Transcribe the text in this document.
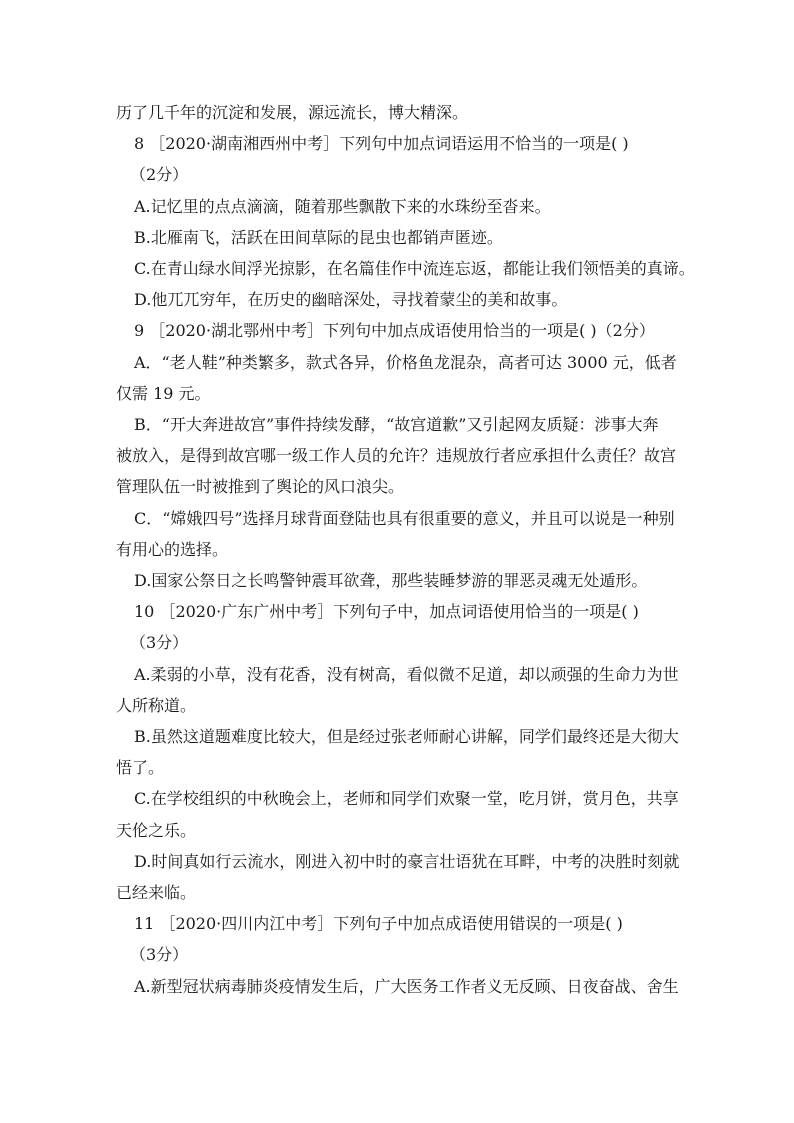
历了几千年的沉淀和发展，源远流长，博大精深。
8 ［2020·湖南湘西州中考］下列句中加点词语运用不恰当的一项是( )
（2分）
A.记忆里的点点滴滴，随着那些飘散下来的水珠纷至沓来。
B.北雁南飞，活跃在田间草际的昆虫也都销声匿迹。
C.在青山绿水间浮光掠影，在名篇佳作中流连忘返，都能让我们领悟美的真谛。
D.他兀兀穷年，在历史的幽暗深处，寻找着蒙尘的美和故事。
9 ［2020·湖北鄂州中考］下列句中加点成语使用恰当的一项是( )（2分）
A．“老人鞋”种类繁多，款式各异，价格鱼龙混杂，高者可达 3000 元，低者
仅需 19 元。
B．“开大奔进故宫”事件持续发酵，“故宫道歉”又引起网友质疑：涉事大奔
被放入，是得到故宫哪一级工作人员的允许？违规放行者应承担什么责任？故宫
管理队伍一时被推到了舆论的风口浪尖。
C．“嫦娥四号”选择月球背面登陆也具有很重要的意义，并且可以说是一种别
有用心的选择。
D.国家公祭日之长鸣警钟震耳欲聋，那些装睡梦游的罪恶灵魂无处遁形。
10 ［2020·广东广州中考］下列句子中，加点词语使用恰当的一项是( )
（3分）
A.柔弱的小草，没有花香，没有树高，看似微不足道，却以顽强的生命力为世
人所称道。
B.虽然这道题难度比较大，但是经过张老师耐心讲解，同学们最终还是大彻大
悟了。
C.在学校组织的中秋晚会上，老师和同学们欢聚一堂，吃月饼，赏月色，共享
天伦之乐。
D.时间真如行云流水，刚进入初中时的豪言壮语犹在耳畔，中考的决胜时刻就
已经来临。
11 ［2020·四川内江中考］下列句子中加点成语使用错误的一项是( )
（3分）
A.新型冠状病毒肺炎疫情发生后，广大医务工作者义无反顾、日夜奋战、舍生
